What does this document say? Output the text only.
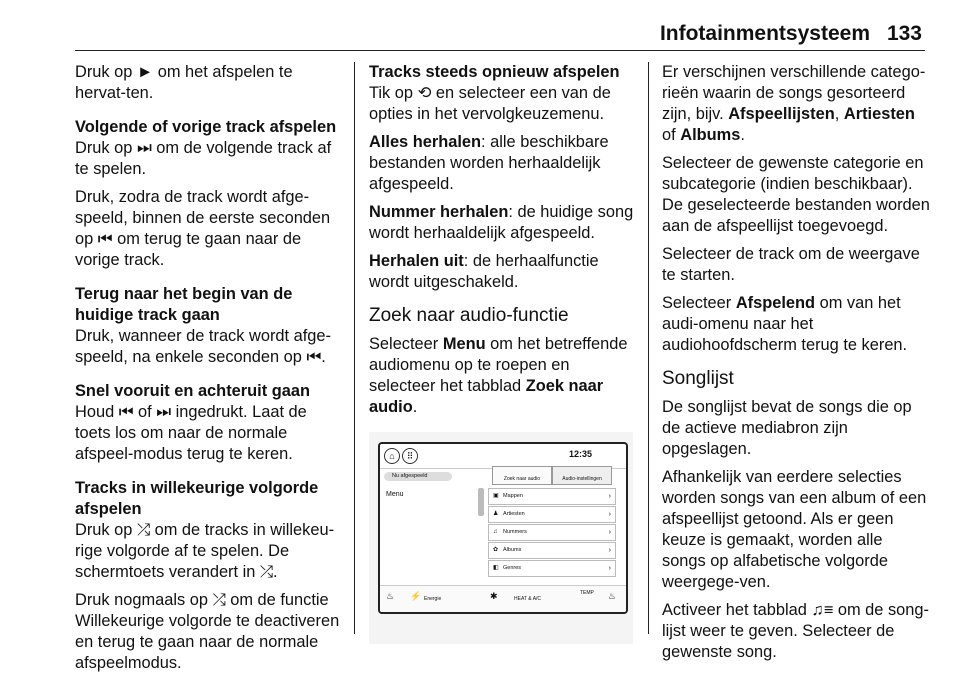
Infotainmentsysteem 133

Druk op ► om het afspelen te hervat-ten.

Volgende of vorige track afspelen

Druk op ⏭ om de volgende track af te spelen.

Druk, zodra de track wordt afge-speeld, binnen de eerste seconden op ⏮ om terug te gaan naar de vorige track.

Terug naar het begin van de huidige track gaan

Druk, wanneer de track wordt afge-speeld, na enkele seconden op ⏮.

Snel vooruit en achteruit gaan

Houd ⏮ of ⏭ ingedrukt. Laat de toets los om naar de normale afspeel-modus terug te keren.

Tracks in willekeurige volgorde afspelen

Druk op ⤮ om de tracks in willekeu-rige volgorde af te spelen. De schermtoets verandert in ⤮.

Druk nogmaals op ⤮ om de functie Willekeurige volgorde te deactiveren en terug te gaan naar de normale afspeelmodus.

Tracks steeds opnieuw afspelen

Tik op ⟲ en selecteer een van de opties in het vervolgkeuzemenu.

Alles herhalen: alle beschikbare bestanden worden herhaaldelijk afgespeeld.

Nummer herhalen: de huidige song wordt herhaaldelijk afgespeeld.

Herhalen uit: de herhaalfunctie wordt uitgeschakeld.

Zoek naar audio-functie

Selecteer Menu om het betreffende audiomenu op te roepen en selecteer het tabblad Zoek naar audio.

⌂	⠿	12:35
Nu afgespeeld
Menu
Zoek naar audio	Audio-instellingen
▣ Mappen	›
♟ Artiesten	›
♫ Nummers	›
✿ Albums	›
◧ Genres	›
♨ ⚡ Energie	✱	HEAT & A/C
TEMP ♨

Er verschijnen verschillende catego-rieën waarin de songs gesorteerd zijn, bijv. Afspeellijsten, Artiesten of Albums.

Selecteer de gewenste categorie en subcategorie (indien beschikbaar). De geselecteerde bestanden worden aan de afspeellijst toegevoegd.

Selecteer de track om de weergave te starten.

Selecteer Afspelend om van het audi-omenu naar het audiohoofdscherm terug te keren.

Songlijst

De songlijst bevat de songs die op de actieve mediabron zijn opgeslagen.

Afhankelijk van eerdere selecties worden songs van een album of een afspeellijst getoond. Als er geen keuze is gemaakt, worden alle songs op alfabetische volgorde weergege-ven.

Activeer het tabblad ♫≡ om de song-lijst weer te geven. Selecteer de gewenste song.
